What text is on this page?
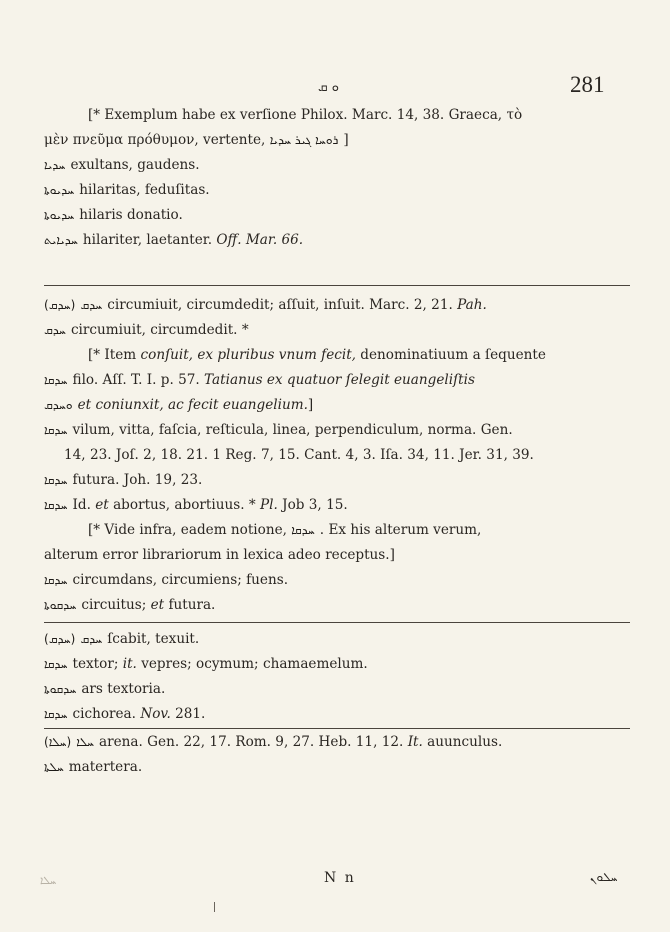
ܘ ܩ	281
[* Exemplum habe ex verſione Philox. Marc. 14, 38. Graeca, τὸ
μὲν πνεῦμα πρόθυμον, vertente, ܪܘܚܐ ܓܝܪ ܚܕܝܐ ]
ܚܕܝܐ exultans, gaudens.
ܚܕܝܘܬܐ hilaritas, feduſitas.
ܚܕܝܘܬܐ hilaris donatio.
ܚܕܝܐܝܬ hilariter, laetanter. Off. Mar. 66.
(ܚܕܩ) ܚܕܩ circumiuit, circumdedit; aſſuit, inſuit. Marc. 2, 21. Pah.
ܚܕܩ circumiuit, circumdedit. *
[* Item conſuit, ex pluribus vnum fecit, denominatiuum a ſequente
ܚܕܩܐ filo. Aſſ. T. I. p. 57. Tatianus ex quatuor ſelegit euangeliſtis
ܘܚܕܩ et coniunxit, ac fecit euangelium.]
ܚܕܩܐ vilum, vitta, faſcia, reſticula, linea, perpendiculum, norma. Gen.
14, 23. Joſ. 2, 18. 21. 1 Reg. 7, 15. Cant. 4, 3. Iſa. 34, 11. Jer. 31, 39.
ܚܕܩܐ futura. Joh. 19, 23.
ܚܕܩܐ Id. et abortus, abortiuus. * Pl. Job 3, 15.
[* Vide infra, eadem notione, ܚܕܩܐ . Ex his alterum verum,
alterum error librariorum in lexica adeo receptus.]
ܚܕܩܐ circumdans, circumiens; fuens.
ܚܕܩܘܬܐ circuitus; et futura.
(ܚܕܩ) ܚܕܩ ſcabit, texuit.
ܚܕܩܐ textor; it. vepres; ocymum; chamaemelum.
ܚܕܩܘܬܐ ars textoria.
ܚܕܩܐ cichorea. Nov. 281.
(ܚܠܐ) ܚܠܐ arena. Gen. 22, 17. Rom. 9, 27. Heb. 11, 12. It. auunculus.
ܚܠܬܐ matertera.
ܚܠܐ	N n	ܚܠܘܢ
